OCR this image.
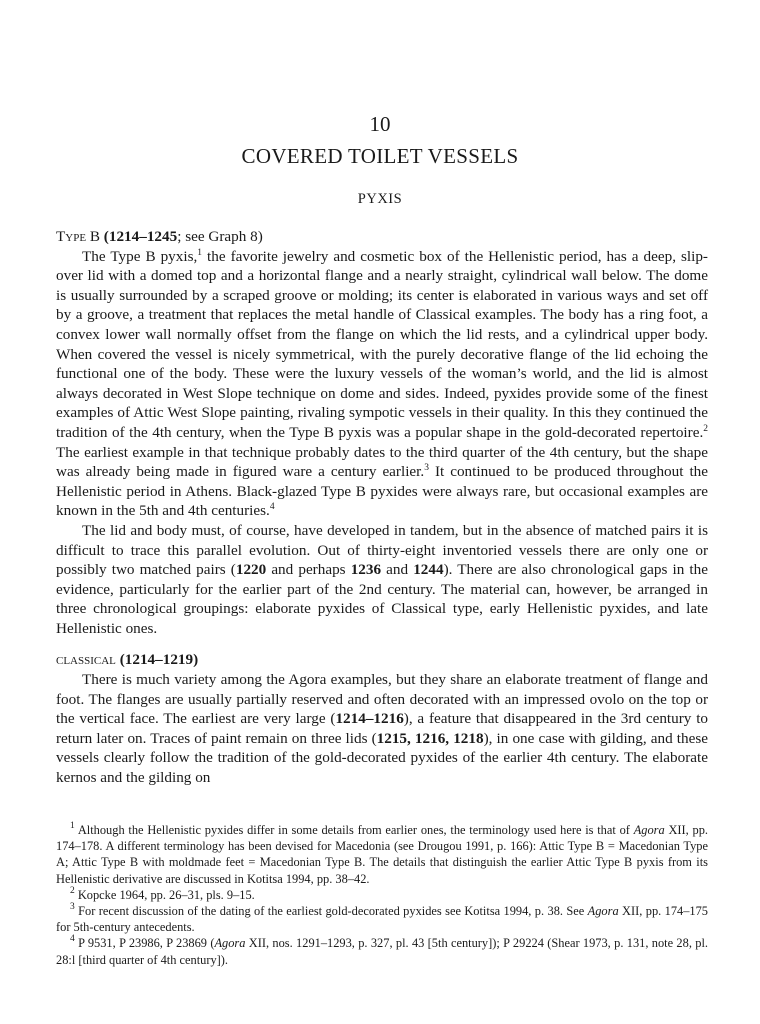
10
COVERED TOILET VESSELS
PYXIS

Type B (1214–1245; see Graph 8)

The Type B pyxis,$^1$ the favorite jewelry and cosmetic box of the Hellenistic period, has a deep, slip-over lid with a domed top and a horizontal flange and a nearly straight, cylindrical wall below. The dome is usually surrounded by a scraped groove or molding; its center is elaborated in various ways and set off by a groove, a treatment that replaces the metal handle of Classical examples. The body has a ring foot, a convex lower wall normally offset from the flange on which the lid rests, and a cylindrical upper body. When covered the vessel is nicely symmetrical, with the purely decorative flange of the lid echoing the functional one of the body. These were the luxury vessels of the woman’s world, and the lid is almost always decorated in West Slope technique on dome and sides. Indeed, pyxides provide some of the finest examples of Attic West Slope painting, rivaling sympotic vessels in their quality. In this they continued the tradition of the 4th century, when the Type B pyxis was a popular shape in the gold-decorated repertoire.$^2$ The earliest example in that technique probably dates to the third quarter of the 4th century, but the shape was already being made in figured ware a century earlier.$^3$ It continued to be produced throughout the Hellenistic period in Athens. Black-glazed Type B pyxides were always rare, but occasional examples are known in the 5th and 4th centuries.$^4$

The lid and body must, of course, have developed in tandem, but in the absence of matched pairs it is difficult to trace this parallel evolution. Out of thirty-eight inventoried vessels there are only one or possibly two matched pairs (1220 and perhaps 1236 and 1244). There are also chronological gaps in the evidence, particularly for the earlier part of the 2nd century. The material can, however, be arranged in three chronological groupings: elaborate pyxides of Classical type, early Hellenistic pyxides, and late Hellenistic ones.

classical (1214–1219)

There is much variety among the Agora examples, but they share an elaborate treatment of flange and foot. The flanges are usually partially reserved and often decorated with an impressed ovolo on the top or the vertical face. The earliest are very large (1214–1216), a feature that disappeared in the 3rd century to return later on. Traces of paint remain on three lids (1215, 1216, 1218), in one case with gilding, and these vessels clearly follow the tradition of the gold-decorated pyxides of the earlier 4th century. The elaborate kernos and the gilding on

$^1$ Although the Hellenistic pyxides differ in some details from earlier ones, the terminology used here is that of Agora XII, pp. 174–178. A different terminology has been devised for Macedonia (see Drougou 1991, p. 166): Attic Type B = Macedonian Type A; Attic Type B with moldmade feet = Macedonian Type B. The details that distinguish the earlier Attic Type B pyxis from its Hellenistic derivative are discussed in Kotitsa 1994, pp. 38–42.

$^2$ Kopcke 1964, pp. 26–31, pls. 9–15.

$^3$ For recent discussion of the dating of the earliest gold-decorated pyxides see Kotitsa 1994, p. 38. See Agora XII, pp. 174–175 for 5th-century antecedents.

$^4$ P 9531, P 23986, P 23869 (Agora XII, nos. 1291–1293, p. 327, pl. 43 [5th century]); P 29224 (Shear 1973, p. 131, note 28, pl. 28:l [third quarter of 4th century]).
